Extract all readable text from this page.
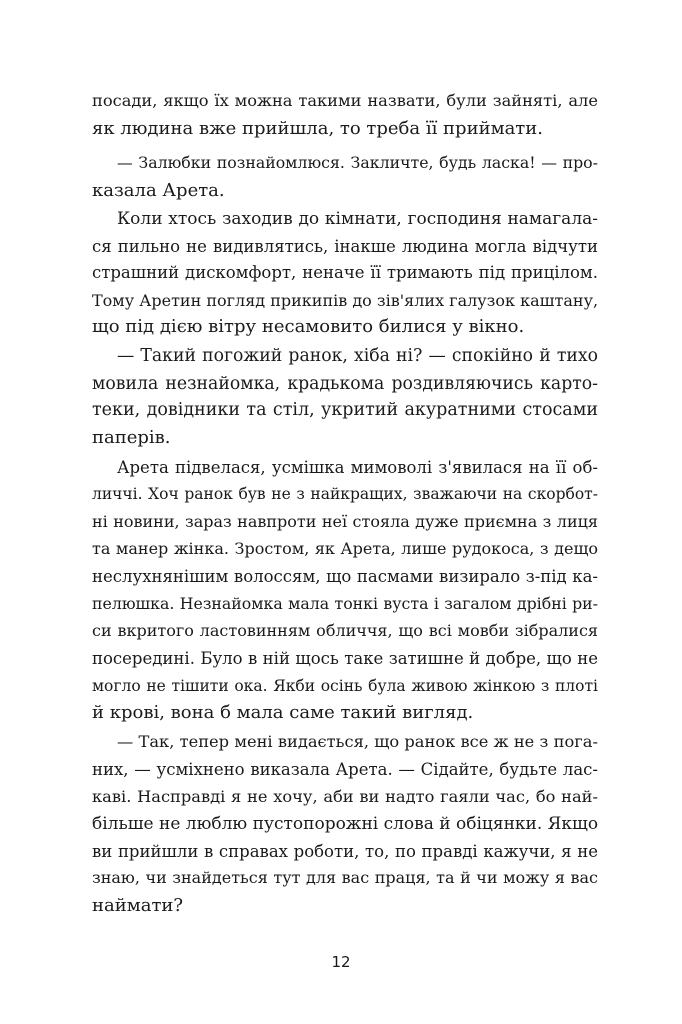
посади, якщо їх можна такими назвати, були зайняті, але
як людина вже прийшла, то треба її приймати.
— Залюбки познайомлюся. Закличте, будь ласка! — про-
казала Арета.
Коли хтось заходив до кімнати, господиня намагала-
ся пильно не видивлятись, інакше людина могла відчути
страшний дискомфорт, неначе її тримають під прицілом.
Тому Аретин погляд прикипів до зів'ялих галузок каштану,
що під дією вітру несамовито билися у вікно.
— Такий погожий ранок, хіба ні? — спокійно й тихо
мовила незнайомка, крадькома роздивляючись карто-
теки, довідники та стіл, укритий акуратними стосами
паперів.
Арета підвелася, усмішка мимоволі з'явилася на її об-
личчі. Хоч ранок був не з найкращих, зважаючи на скорбот-
ні новини, зараз навпроти неї стояла дуже приємна з лиця
та манер жінка. Зростом, як Арета, лише рудокоса, з дещо
неслухнянішим волоссям, що пасмами визирало з-під ка-
пелюшка. Незнайомка мала тонкі вуста і загалом дрібні ри-
си вкритого ластовинням обличчя, що всі мовби зібралися
посередині. Було в ній щось таке затишне й добре, що не
могло не тішити ока. Якби осінь була живою жінкою з плоті
й крові, вона б мала саме такий вигляд.
— Так, тепер мені видається, що ранок все ж не з пога-
них, — усміхнено виказала Арета. — Сідайте, будьте лас-
каві. Насправді я не хочу, аби ви надто гаяли час, бо най-
більше не люблю пустопорожні слова й обіцянки. Якщо
ви прийшли в справах роботи, то, по правді кажучи, я не
знаю, чи знайдеться тут для вас праця, та й чи можу я вас
наймати?
12
